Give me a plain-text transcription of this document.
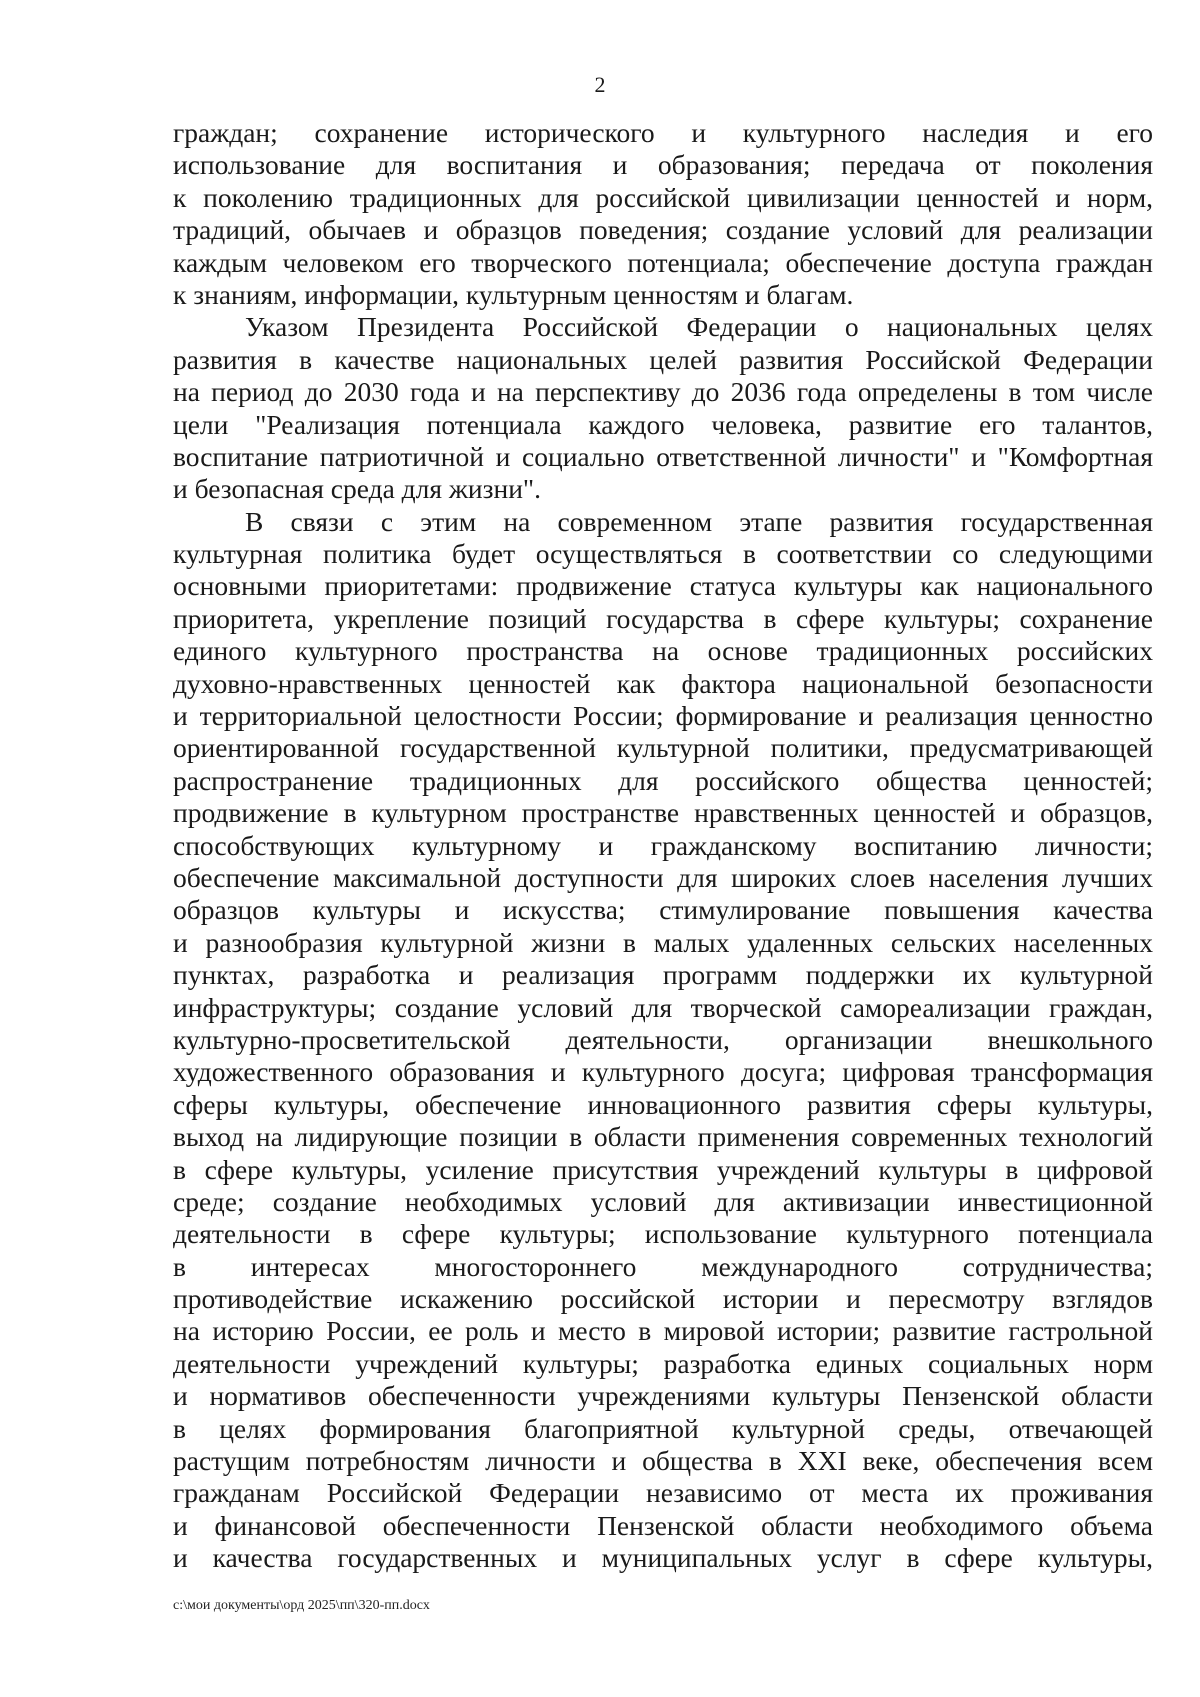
2
граждан; сохранение исторического и культурного наследия и его
использование для воспитания и образования; передача от поколения
к поколению традиционных для российской цивилизации ценностей и норм,
традиций, обычаев и образцов поведения; создание условий для реализации
каждым человеком его творческого потенциала; обеспечение доступа граждан
к знаниям, информации, культурным ценностям и благам.
Указом Президента Российской Федерации о национальных целях
развития в качестве национальных целей развития Российской Федерации
на период до 2030 года и на перспективу до 2036 года определены в том числе
цели "Реализация потенциала каждого человека, развитие его талантов,
воспитание патриотичной и социально ответственной личности" и "Комфортная
и безопасная среда для жизни".
В связи с этим на современном этапе развития государственная
культурная политика будет осуществляться в соответствии со следующими
основными приоритетами: продвижение статуса культуры как национального
приоритета, укрепление позиций государства в сфере культуры; сохранение
единого культурного пространства на основе традиционных российских
духовно-нравственных ценностей как фактора национальной безопасности
и территориальной целостности России; формирование и реализация ценностно
ориентированной государственной культурной политики, предусматривающей
распространение традиционных для российского общества ценностей;
продвижение в культурном пространстве нравственных ценностей и образцов,
способствующих культурному и гражданскому воспитанию личности;
обеспечение максимальной доступности для широких слоев населения лучших
образцов культуры и искусства; стимулирование повышения качества
и разнообразия культурной жизни в малых удаленных сельских населенных
пунктах, разработка и реализация программ поддержки их культурной
инфраструктуры; создание условий для творческой самореализации граждан,
культурно-просветительской деятельности, организации внешкольного
художественного образования и культурного досуга; цифровая трансформация
сферы культуры, обеспечение инновационного развития сферы культуры,
выход на лидирующие позиции в области применения современных технологий
в сфере культуры, усиление присутствия учреждений культуры в цифровой
среде; создание необходимых условий для активизации инвестиционной
деятельности в сфере культуры; использование культурного потенциала
в интересах многостороннего международного сотрудничества;
противодействие искажению российской истории и пересмотру взглядов
на историю России, ее роль и место в мировой истории; развитие гастрольной
деятельности учреждений культуры; разработка единых социальных норм
и нормативов обеспеченности учреждениями культуры Пензенской области
в целях формирования благоприятной культурной среды, отвечающей
растущим потребностям личности и общества в XXI веке, обеспечения всем
гражданам Российской Федерации независимо от места их проживания
и финансовой обеспеченности Пензенской области необходимого объема
и качества государственных и муниципальных услуг в сфере культуры,
c:\мои документы\орд 2025\пп\320-пп.docx
